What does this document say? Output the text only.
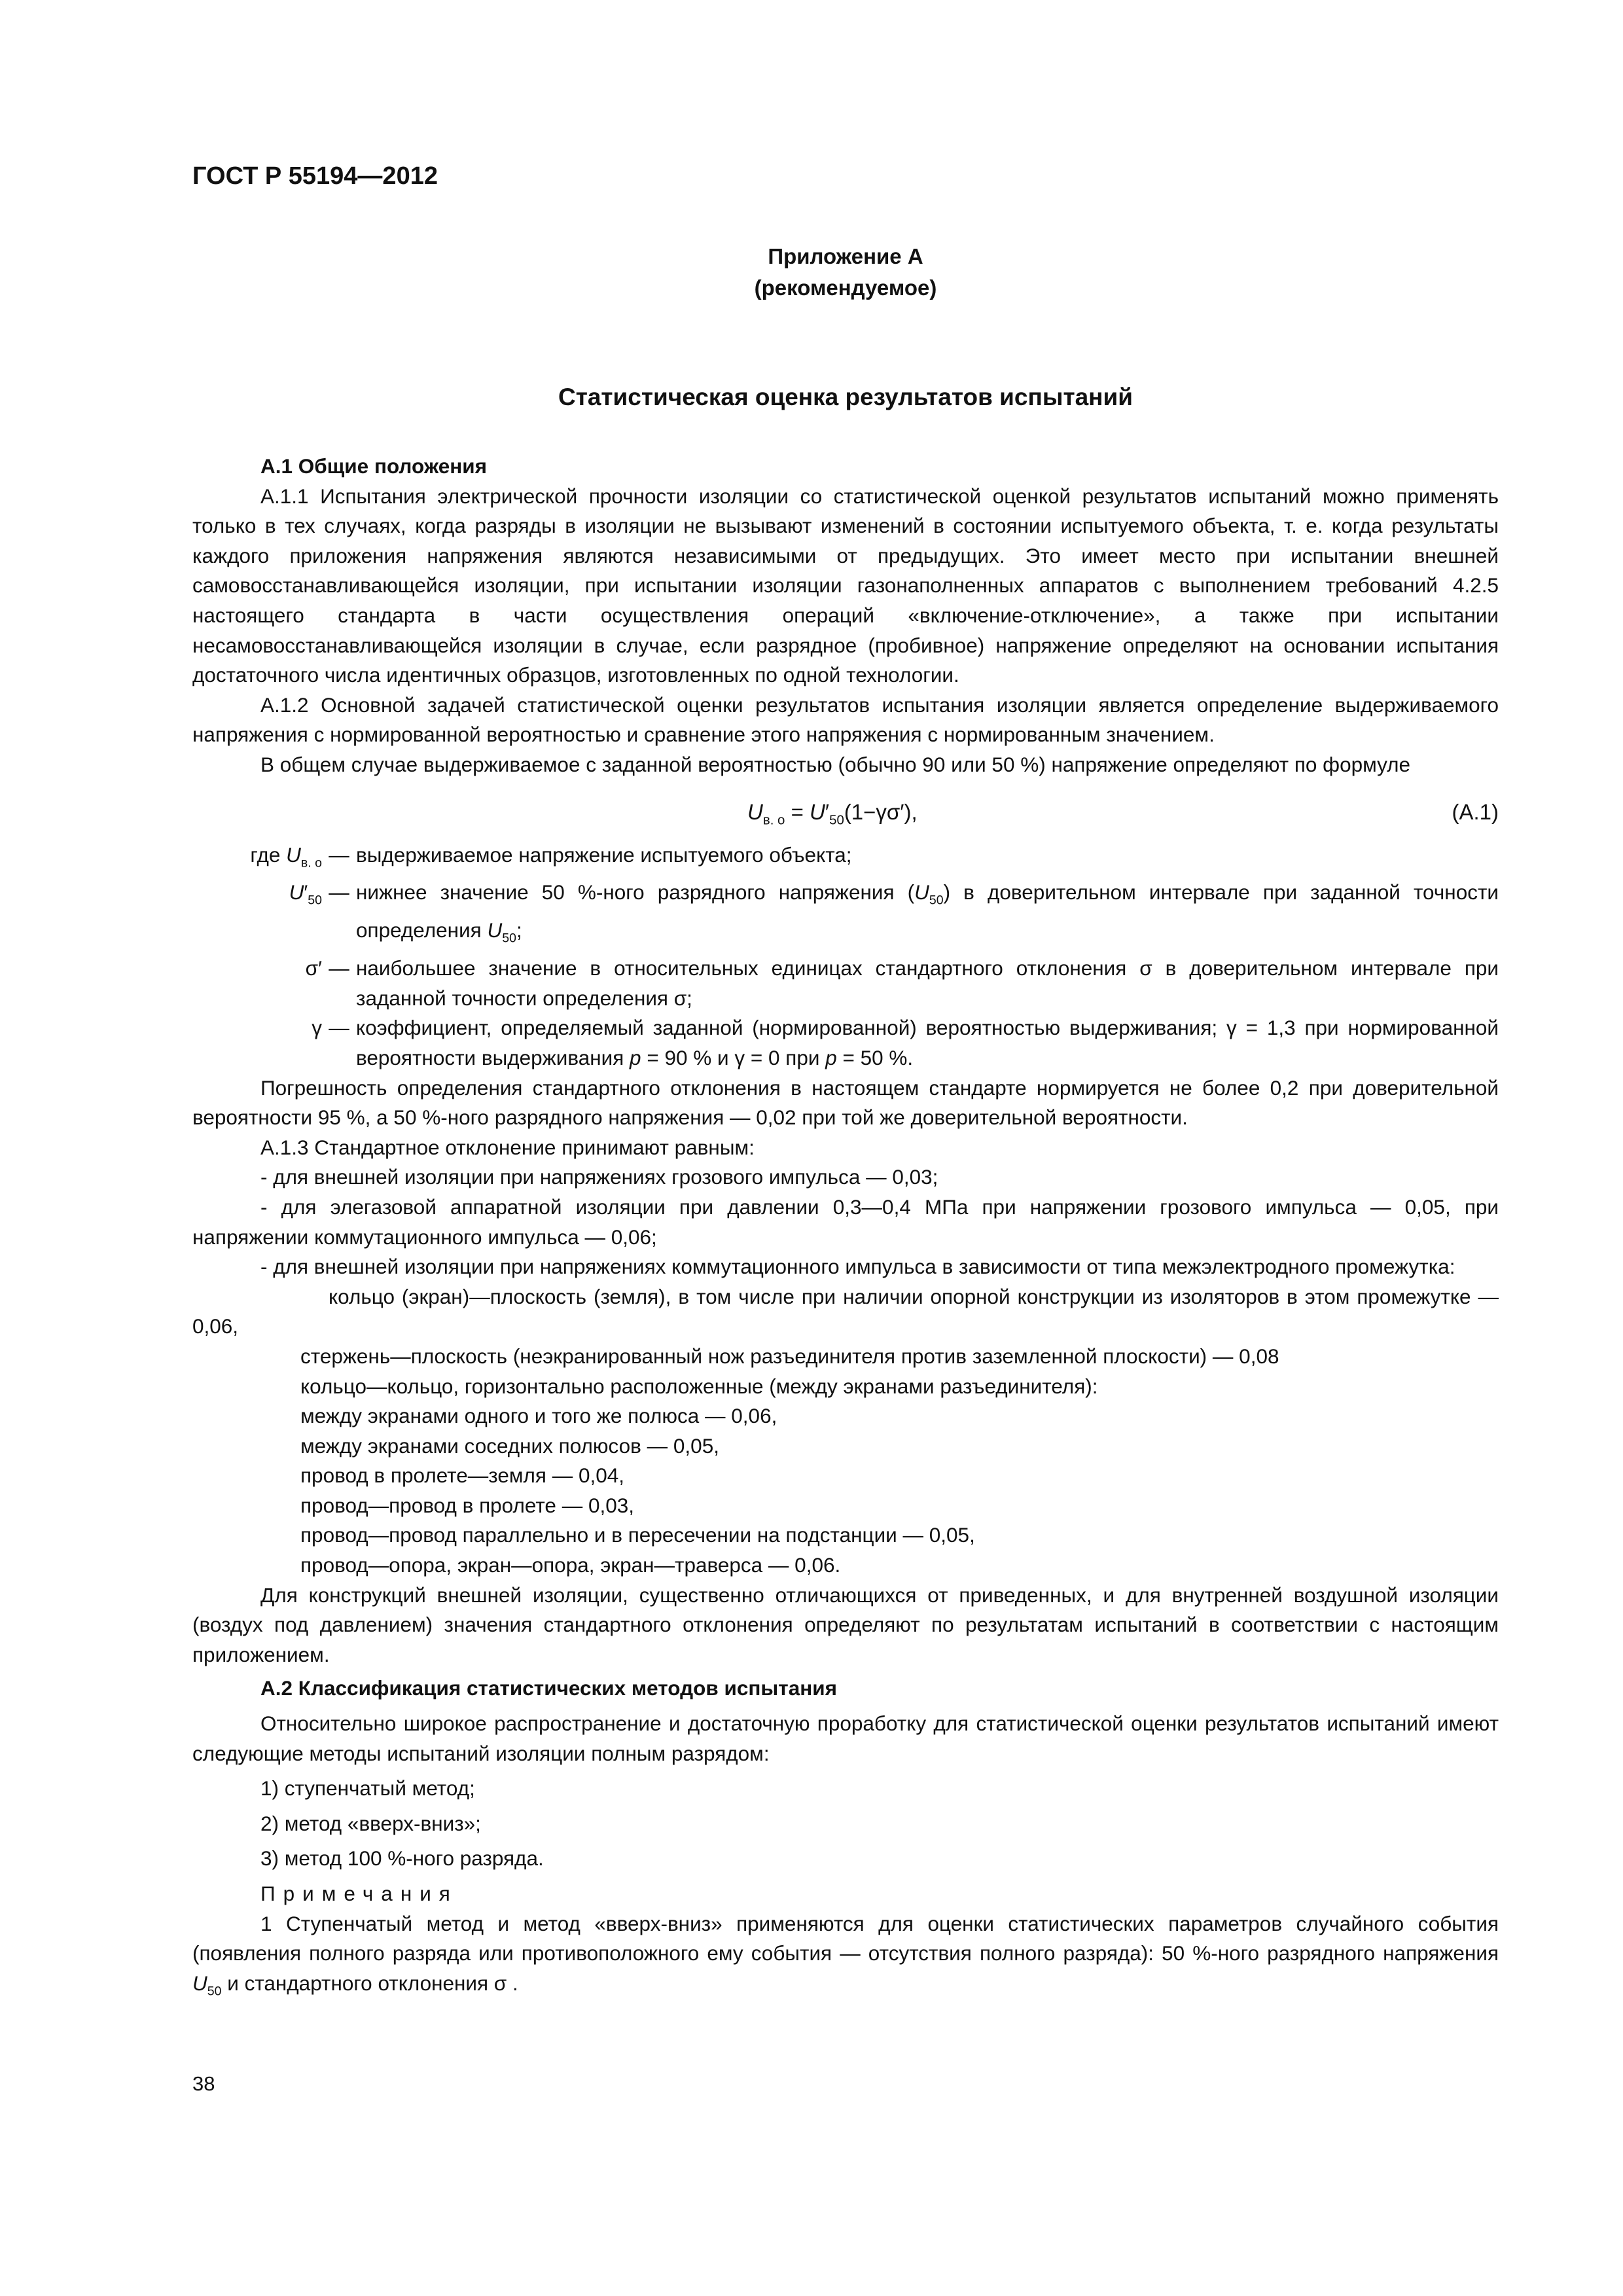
ГОСТ Р 55194—2012
Приложение А
(рекомендуемое)
Статистическая оценка результатов испытаний

А.1 Общие положения

А.1.1 Испытания электрической прочности изоляции со статистической оценкой результатов испытаний можно применять только в тех случаях, когда разряды в изоляции не вызывают изменений в состоянии испытуемого объекта, т. е. когда результаты каждого приложения напряжения являются независимыми от предыдущих. Это имеет место при испытании внешней самовосстанавливающейся изоляции, при испытании изоляции газонаполненных аппаратов с выполнением требований 4.2.5 настоящего стандарта в части осуществления операций «включение-отключение», а также при испытании несамовосстанавливающейся изоляции в случае, если разрядное (пробивное) напряжение определяют на основании испытания достаточного числа идентичных образцов, изготовленных по одной технологии.

А.1.2 Основной задачей статистической оценки результатов испытания изоляции является определение выдерживаемого напряжения с нормированной вероятностью и сравнение этого напряжения с нормированным значением.

В общем случае выдерживаемое с заданной вероятностью (обычно 90 или 50 %) напряжение определяют по формуле

$U_{в. о} = U'_{50}(1-\gamma\sigma')$,	(А.1)
где $U_{в. о}$ — выдерживаемое напряжение испытуемого объекта;
$U'_{50}$ — нижнее значение 50 %-ного разрядного напряжения $(U_{50})$ в доверительном интервале при заданной точности определения $U_{50}$;
σ′ — наибольшее значение в относительных единицах стандартного отклонения σ в доверительном интервале при заданной точности определения σ;
γ — коэффициент, определяемый заданной (нормированной) вероятностью выдерживания; γ = 1,3 при нормированной вероятности выдерживания p = 90 % и γ = 0 при p = 50 %.

Погрешность определения стандартного отклонения в настоящем стандарте нормируется не более 0,2 при доверительной вероятности 95 %, а 50 %-ного разрядного напряжения — 0,02 при той же доверительной вероятности.

А.1.3 Стандартное отклонение принимают равным:

- для внешней изоляции при напряжениях грозового импульса — 0,03;

- для элегазовой аппаратной изоляции при давлении 0,3—0,4 МПа при напряжении грозового импульса — 0,05, при напряжении коммутационного импульса — 0,06;

- для внешней изоляции при напряжениях коммутационного импульса в зависимости от типа межэлектродного промежутка:

кольцо (экран)—плоскость (земля), в том числе при наличии опорной конструкции из изоляторов в этом промежутке — 0,06,

стержень—плоскость (неэкранированный нож разъединителя против заземленной плоскости) — 0,08

кольцо—кольцо, горизонтально расположенные (между экранами разъединителя):

между экранами одного и того же полюса — 0,06,

между экранами соседних полюсов — 0,05,

провод в пролете—земля — 0,04,

провод—провод в пролете — 0,03,

провод—провод параллельно и в пересечении на подстанции — 0,05,

провод—опора, экран—опора, экран—траверса — 0,06.

Для конструкций внешней изоляции, существенно отличающихся от приведенных, и для внутренней воздушной изоляции (воздух под давлением) значения стандартного отклонения определяют по результатам испытаний в соответствии с настоящим приложением.

А.2 Классификация статистических методов испытания

Относительно широкое распространение и достаточную проработку для статистической оценки результатов испытаний имеют следующие методы испытаний изоляции полным разрядом:

1) ступенчатый метод;

2) метод «вверх-вниз»;

3) метод 100 %-ного разряда.

Примечания

1 Ступенчатый метод и метод «вверх-вниз» применяются для оценки статистических параметров случайного события (появления полного разряда или противоположного ему события — отсутствия полного разряда): 50 %-ного разрядного напряжения $U_{50}$ и стандартного отклонения σ .

38
